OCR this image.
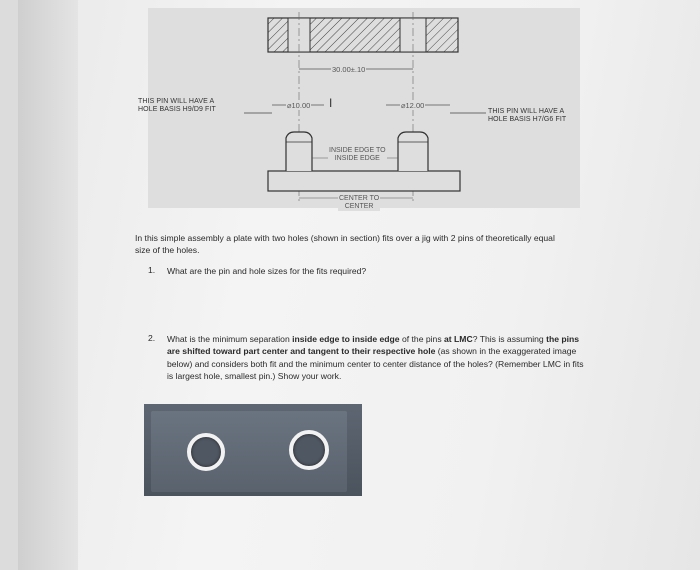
30.00±.10
⌀10.00 I	⌀12.00
INSIDE EDGE TO
INSIDE EDGE
CENTER TO
CENTER
THIS PIN WILL HAVE A
HOLE BASIS H9/D9 FIT	THIS PIN WILL HAVE A
HOLE BASIS H7/G6 FIT
In this simple assembly a plate with two holes (shown in section) fits over a jig with 2 pins of theoretically equal size of the holes.
1. What are the pin and hole sizes for the fits required?
2. What is the minimum separation inside edge to inside edge of the pins at LMC? This is assuming the pins are shifted toward part center and tangent to their respective hole (as shown in the exaggerated image below) and considers both fit and the minimum center to center distance of the holes? (Remember LMC in fits is largest hole, smallest pin.) Show your work.
